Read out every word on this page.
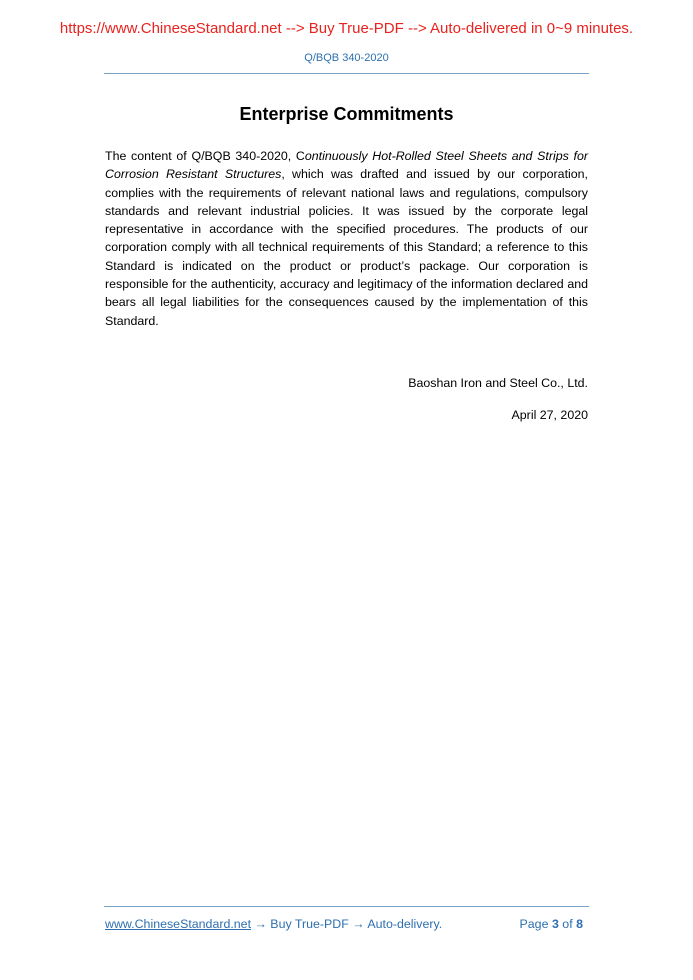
https://www.ChineseStandard.net --> Buy True-PDF --> Auto-delivered in 0~9 minutes.
Q/BQB 340-2020
Enterprise Commitments
The content of Q/BQB 340-2020, Continuously Hot-Rolled Steel Sheets and Strips for Corrosion Resistant Structures, which was drafted and issued by our corporation, complies with the requirements of relevant national laws and regulations, compulsory standards and relevant industrial policies. It was issued by the corporate legal representative in accordance with the specified procedures. The products of our corporation comply with all technical requirements of this Standard; a reference to this Standard is indicated on the product or product’s package. Our corporation is responsible for the authenticity, accuracy and legitimacy of the information declared and bears all legal liabilities for the consequences caused by the implementation of this Standard.
Baoshan Iron and Steel Co., Ltd.
April 27, 2020
www.ChineseStandard.net → Buy True-PDF → Auto-delivery.	Page 3 of 8
